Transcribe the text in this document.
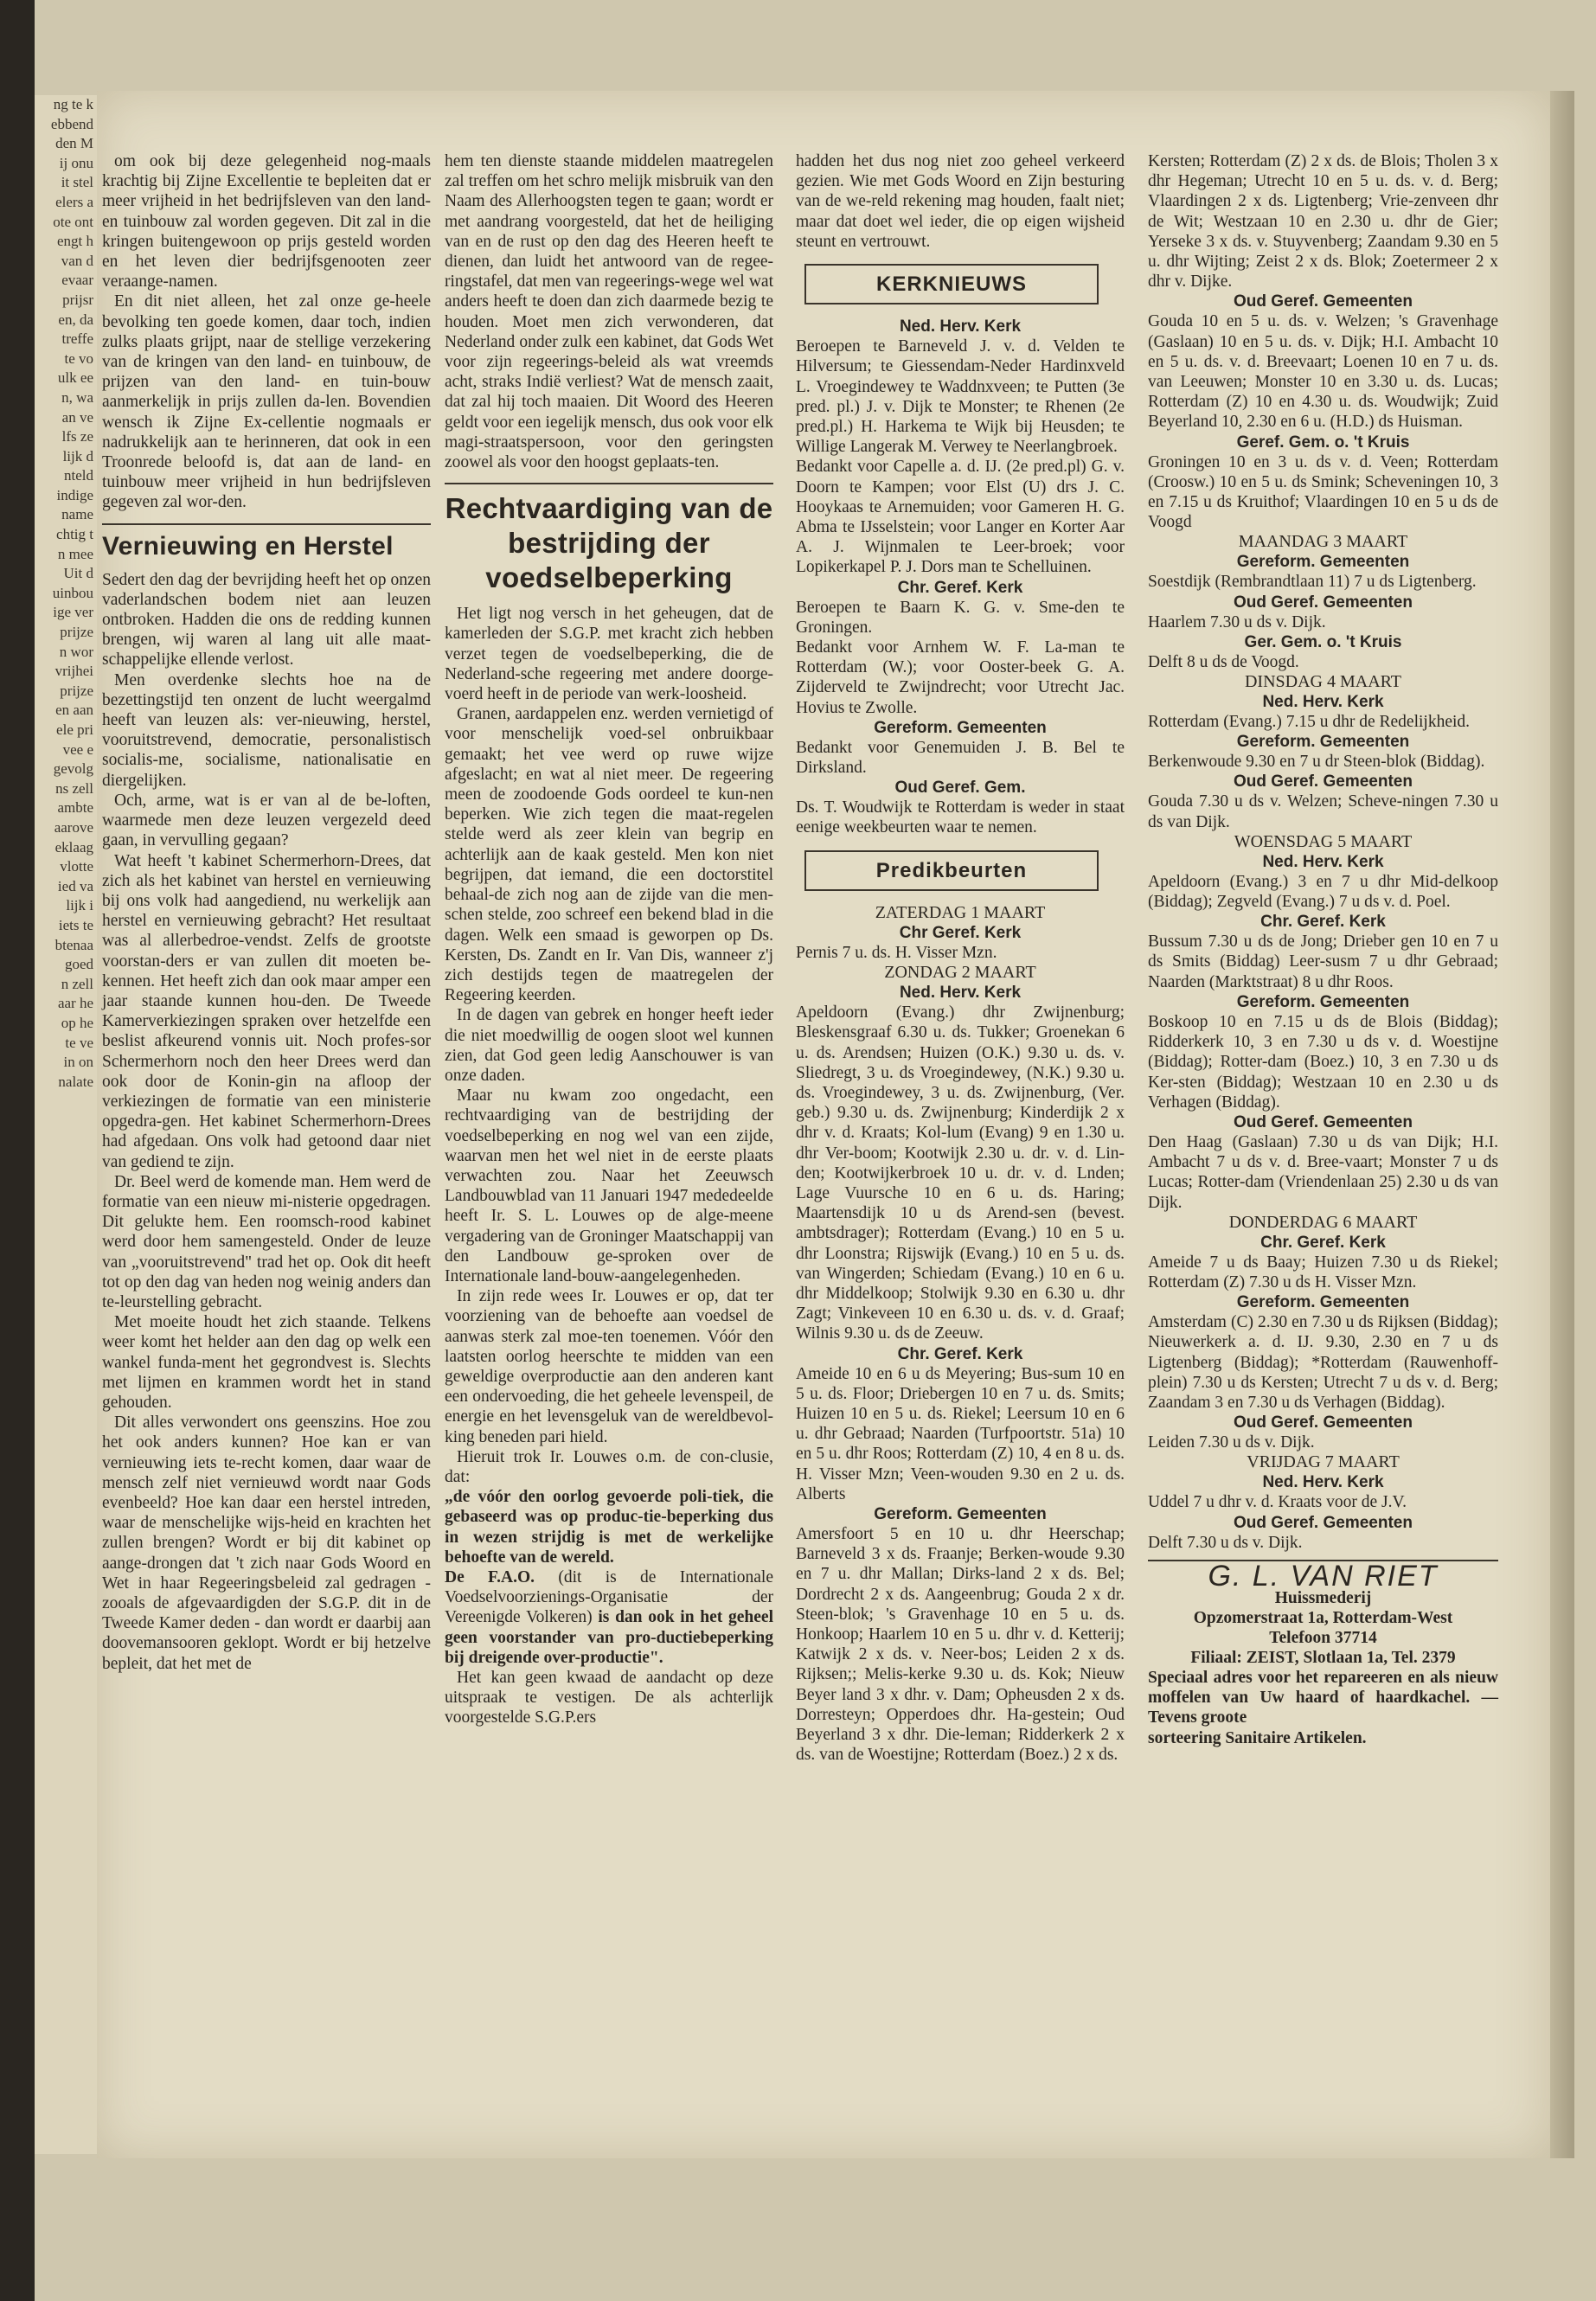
ng te k

ebbend

den M

ij onu

it stel

elers a

ote ont

engt h

van d

evaar

prijsr

en, da

treffe

te vo

ulk ee

n, wa

an ve

lfs ze

lijk d

nteld

indige

name

chtig t

n mee

Uit d

uinbou

ige ver

prijze

n wor

vrijhei

prijze

en aan

ele pri

vee e

gevolg

ns zell

ambte

aarove

eklaag

vlotte

ied va

lijk i

iets te

btenaa

goed

n zell

aar he

op he

te ve

in on

nalate

om ook bij deze gelegenheid nog-maals krachtig bij Zijne Excellentie te bepleiten dat er meer vrijheid in het bedrijfsleven van den land- en tuinbouw zal worden gegeven. Dit zal in die kringen buitengewoon op prijs gesteld worden en het leven dier bedrijfsgenooten zeer veraange-namen.

En dit niet alleen, het zal onze ge-heele bevolking ten goede komen, daar toch, indien zulks plaats grijpt, naar de stellige verzekering van de kringen van den land- en tuinbouw, de prijzen van den land- en tuin-bouw aanmerkelijk in prijs zullen da-len. Bovendien wensch ik Zijne Ex-cellentie nogmaals er nadrukkelijk aan te herinneren, dat ook in een Troonrede beloofd is, dat aan de land- en tuinbouw meer vrijheid in hun bedrijfsleven gegeven zal wor-den.

Vernieuwing en Herstel

Sedert den dag der bevrijding heeft het op onzen vaderlandschen bodem niet aan leuzen ontbroken. Hadden die ons de redding kunnen brengen, wij waren al lang uit alle maat-schappelijke ellende verlost.

Men overdenke slechts hoe na de bezettingstijd ten onzent de lucht weergalmd heeft van leuzen als: ver-nieuwing, herstel, vooruitstrevend, democratie, personalistisch socialis-me, socialisme, nationalisatie en diergelijken.

Och, arme, wat is er van al de be-loften, waarmede men deze leuzen vergezeld deed gaan, in vervulling gegaan?

Wat heeft 't kabinet Schermerhorn-Drees, dat zich als het kabinet van herstel en vernieuwing bij ons volk had aangediend, nu werkelijk aan herstel en vernieuwing gebracht? Het resultaat was al allerbedroe-vendst. Zelfs de grootste voorstan-ders er van zullen dit moeten be-kennen. Het heeft zich dan ook maar amper een jaar staande kunnen hou-den. De Tweede Kamerverkiezingen spraken over hetzelfde een beslist afkeurend vonnis uit. Noch profes-sor Schermerhorn noch den heer Drees werd dan ook door de Konin-gin na afloop der verkiezingen de formatie van een ministerie opgedra-gen. Het kabinet Schermerhorn-Drees had afgedaan. Ons volk had getoond daar niet van gediend te zijn.

Dr. Beel werd de komende man. Hem werd de formatie van een nieuw mi-nisterie opgedragen. Dit gelukte hem. Een roomsch-rood kabinet werd door hem samengesteld. Onder de leuze van „vooruitstrevend" trad het op. Ook dit heeft tot op den dag van heden nog weinig anders dan te-leurstelling gebracht.

Met moeite houdt het zich staande. Telkens weer komt het helder aan den dag op welk een wankel funda-ment het gegrondvest is. Slechts met lijmen en krammen wordt het in stand gehouden.

Dit alles verwondert ons geenszins. Hoe zou het ook anders kunnen? Hoe kan er van vernieuwing iets te-recht komen, daar waar de mensch zelf niet vernieuwd wordt naar Gods evenbeeld? Hoe kan daar een herstel intreden, waar de menschelijke wijs-heid en krachten het zullen brengen? Wordt er bij dit kabinet op aange-drongen dat 't zich naar Gods Woord en Wet in haar Regeeringsbeleid zal gedragen - zooals de afgevaardigden der S.G.P. dit in de Tweede Kamer deden - dan wordt er daarbij aan doovemansooren geklopt. Wordt er bij hetzelve bepleit, dat het met de

hem ten dienste staande middelen maatregelen zal treffen om het schro melijk misbruik van den Naam des Allerhoogsten tegen te gaan; wordt er met aandrang voorgesteld, dat het de heiliging van en de rust op den dag des Heeren heeft te dienen, dan luidt het antwoord van de regee-ringstafel, dat men van regeerings-wege wel wat anders heeft te doen dan zich daarmede bezig te houden. Moet men zich verwonderen, dat Nederland onder zulk een kabinet, dat Gods Wet voor zijn regeerings-beleid als wat vreemds acht, straks Indië verliest? Wat de mensch zaait, dat zal hij toch maaien. Dit Woord des Heeren geldt voor een iegelijk mensch, dus ook voor elk magi-straatspersoon, voor den geringsten zoowel als voor den hoogst geplaats-ten.

Rechtvaardiging van de bestrijding der voedselbeperking

Het ligt nog versch in het geheugen, dat de kamerleden der S.G.P. met kracht zich hebben verzet tegen de voedselbeperking, die de Nederland-sche regeering met andere doorge-voerd heeft in de periode van werk-loosheid.

Granen, aardappelen enz. werden vernietigd of voor menschelijk voed-sel onbruikbaar gemaakt; het vee werd op ruwe wijze afgeslacht; en wat al niet meer. De regeering meen de zoodoende Gods oordeel te kun-nen beperken. Wie zich tegen die maat-regelen stelde werd als zeer klein van begrip en achterlijk aan de kaak gesteld. Men kon niet begrijpen, dat iemand, die een doctorstitel behaal-de zich nog aan de zijde van die men-schen stelde, zoo schreef een bekend blad in die dagen. Welk een smaad is geworpen op Ds. Kersten, Ds. Zandt en Ir. Van Dis, wanneer z'j zich destijds tegen de maatregelen der Regeering keerden.

In de dagen van gebrek en honger heeft ieder die niet moedwillig de oogen sloot wel kunnen zien, dat God geen ledig Aanschouwer is van onze daden.

Maar nu kwam zoo ongedacht, een rechtvaardiging van de bestrijding der voedselbeperking en nog wel van een zijde, waarvan men het wel niet in de eerste plaats verwachten zou. Naar het Zeeuwsch Landbouwblad van 11 Januari 1947 mededeelde heeft Ir. S. L. Louwes op de alge-meene vergadering van de Groninger Maatschappij van den Landbouw ge-sproken over de Internationale land-bouw-aangelegenheden.

In zijn rede wees Ir. Louwes er op, dat ter voorziening van de behoefte aan voedsel de aanwas sterk zal moe-ten toenemen. Vóór den laatsten oorlog heerschte te midden van een geweldige overproductie aan den anderen kant een ondervoeding, die het geheele levenspeil, de energie en het levensgeluk van de wereldbevol-king beneden pari hield.

Hieruit trok Ir. Louwes o.m. de con-clusie, dat:

„de vóór den oorlog gevoerde poli-tiek, die gebaseerd was op produc-tie-beperking dus in wezen strijdig is met de werkelijke behoefte van de wereld.

De F.A.O. (dit is de Internationale Voedselvoorzienings-Organisatie der Vereenigde Volkeren) is dan ook in het geheel geen voorstander van pro-ductiebeperking bij dreigende over-productie".

Het kan geen kwaad de aandacht op deze uitspraak te vestigen. De als achterlijk voorgestelde S.G.P.ers

hadden het dus nog niet zoo geheel verkeerd gezien. Wie met Gods Woord en Zijn besturing van de we-reld rekening mag houden, faalt niet; maar dat doet wel ieder, die op eigen wijsheid steunt en vertrouwt.

KERKNIEUWS
Ned. Herv. Kerk

Beroepen te Barneveld J. v. d. Velden te Hilversum; te Giessendam-Neder Hardinxveld L. Vroegindewey te Waddnxveen; te Putten (3e pred. pl.) J. v. Dijk te Monster; te Rhenen (2e pred.pl.) H. Harkema te Wijk bij Heusden; te Willige Langerak M. Verwey te Neerlangbroek.
Bedankt voor Capelle a. d. IJ. (2e pred.pl) G. v. Doorn te Kampen; voor Elst (U) drs J. C. Hooykaas te Arnemuiden; voor Gameren H. G. Abma te IJsselstein; voor Langer en Korter Aar A. J. Wijnmalen te Leer-broek; voor Lopikerkapel P. J. Dors man te Schelluinen.

Chr. Geref. Kerk

Beroepen te Baarn K. G. v. Sme-den te Groningen.
Bedankt voor Arnhem W. F. La-man te Rotterdam (W.); voor Ooster-beek G. A. Zijderveld te Zwijndrecht; voor Utrecht Jac. Hovius te Zwolle.

Gereform. Gemeenten

Bedankt voor Genemuiden J. B. Bel te Dirksland.

Oud Geref. Gem.

Ds. T. Woudwijk te Rotterdam is weder in staat eenige weekbeurten waar te nemen.

Predikbeurten
ZATERDAG 1 MAART
Chr Geref. Kerk

Pernis 7 u. ds. H. Visser Mzn.

ZONDAG 2 MAART
Ned. Herv. Kerk

Apeldoorn (Evang.) dhr Zwijnenburg; Bleskensgraaf 6.30 u. ds. Tukker; Groenekan 6 u. ds. Arendsen; Huizen (O.K.) 9.30 u. ds. v. Sliedregt, 3 u. ds Vroegindewey, (N.K.) 9.30 u. ds. Vroegindewey, 3 u. ds. Zwijnenburg, (Ver. geb.) 9.30 u. ds. Zwijnenburg; Kinderdijk 2 x dhr v. d. Kraats; Kol-lum (Evang) 9 en 1.30 u. dhr Ver-boom; Kootwijk 2.30 u. dr. v. d. Lin-den; Kootwijkerbroek 10 u. dr. v. d. Lnden; Lage Vuursche 10 en 6 u. ds. Haring; Maartensdijk 10 u ds Arend-sen (bevest. ambtsdrager); Rotterdam (Evang.) 10 en 5 u. dhr Loonstra; Rijswijk (Evang.) 10 en 5 u. ds. van Wingerden; Schiedam (Evang.) 10 en 6 u. dhr Middelkoop; Stolwijk 9.30 en 6.30 u. dhr Zagt; Vinkeveen 10 en 6.30 u. ds. v. d. Graaf; Wilnis 9.30 u. ds de Zeeuw.

Chr. Geref. Kerk

Ameide 10 en 6 u ds Meyering; Bus-sum 10 en 5 u. ds. Floor; Driebergen 10 en 7 u. ds. Smits; Huizen 10 en 5 u. ds. Riekel; Leersum 10 en 6 u. dhr Gebraad; Naarden (Turfpoortstr. 51a) 10 en 5 u. dhr Roos; Rotterdam (Z) 10, 4 en 8 u. ds. H. Visser Mzn; Veen-wouden 9.30 en 2 u. ds. Alberts

Gereform. Gemeenten

Amersfoort 5 en 10 u. dhr Heerschap; Barneveld 3 x ds. Fraanje; Berken-woude 9.30 en 7 u. dhr Mallan; Dirks-land 2 x ds. Bel; Dordrecht 2 x ds. Aangeenbrug; Gouda 2 x dr. Steen-blok; 's Gravenhage 10 en 5 u. ds. Honkoop; Haarlem 10 en 5 u. dhr v. d. Ketterij; Katwijk 2 x ds. v. Neer-bos; Leiden 2 x ds. Rijksen;; Melis-kerke 9.30 u. ds. Kok; Nieuw Beyer land 3 x dhr. v. Dam; Opheusden 2 x ds. Dorresteyn; Opperdoes dhr. Ha-gestein; Oud Beyerland 3 x dhr. Die-leman; Ridderkerk 2 x ds. van de Woestijne; Rotterdam (Boez.) 2 x ds.

Kersten; Rotterdam (Z) 2 x ds. de Blois; Tholen 3 x dhr Hegeman; Utrecht 10 en 5 u. ds. v. d. Berg; Vlaardingen 2 x ds. Ligtenberg; Vrie-zenveen dhr de Wit; Westzaan 10 en 2.30 u. dhr de Gier; Yerseke 3 x ds. v. Stuyvenberg; Zaandam 9.30 en 5 u. dhr Wijting; Zeist 2 x ds. Blok; Zoetermeer 2 x dhr v. Dijke.

Oud Geref. Gemeenten

Gouda 10 en 5 u. ds. v. Welzen; 's Gravenhage (Gaslaan) 10 en 5 u. ds. v. Dijk; H.I. Ambacht 10 en 5 u. ds. v. d. Breevaart; Loenen 10 en 7 u. ds. van Leeuwen; Monster 10 en 3.30 u. ds. Lucas; Rotterdam (Z) 10 en 4.30 u. ds. Woudwijk; Zuid Beyerland 10, 2.30 en 6 u. (H.D.) ds Huisman.

Geref. Gem. o. 't Kruis

Groningen 10 en 3 u. ds v. d. Veen; Rotterdam (Croosw.) 10 en 5 u. ds Smink; Scheveningen 10, 3 en 7.15 u ds Kruithof; Vlaardingen 10 en 5 u ds de Voogd

MAANDAG 3 MAART
Gereform. Gemeenten

Soestdijk (Rembrandtlaan 11) 7 u ds Ligtenberg.

Oud Geref. Gemeenten

Haarlem 7.30 u ds v. Dijk.

Ger. Gem. o. 't Kruis

Delft 8 u ds de Voogd.

DINSDAG 4 MAART
Ned. Herv. Kerk

Rotterdam (Evang.) 7.15 u dhr de Redelijkheid.

Gereform. Gemeenten

Berkenwoude 9.30 en 7 u dr Steen-blok (Biddag).

Oud Geref. Gemeenten

Gouda 7.30 u ds v. Welzen; Scheve-ningen 7.30 u ds van Dijk.

WOENSDAG 5 MAART
Ned. Herv. Kerk

Apeldoorn (Evang.) 3 en 7 u dhr Mid-delkoop (Biddag); Zegveld (Evang.) 7 u ds v. d. Poel.

Chr. Geref. Kerk

Bussum 7.30 u ds de Jong; Drieber gen 10 en 7 u ds Smits (Biddag) Leer-susm 7 u dhr Gebraad; Naarden (Marktstraat) 8 u dhr Roos.

Gereform. Gemeenten

Boskoop 10 en 7.15 u ds de Blois (Biddag); Ridderkerk 10, 3 en 7.30 u ds v. d. Woestijne (Biddag); Rotter-dam (Boez.) 10, 3 en 7.30 u ds Ker-sten (Biddag); Westzaan 10 en 2.30 u ds Verhagen (Biddag).

Oud Geref. Gemeenten

Den Haag (Gaslaan) 7.30 u ds van Dijk; H.I. Ambacht 7 u ds v. d. Bree-vaart; Monster 7 u ds Lucas; Rotter-dam (Vriendenlaan 25) 2.30 u ds van Dijk.

DONDERDAG 6 MAART
Chr. Geref. Kerk

Ameide 7 u ds Baay; Huizen 7.30 u ds Riekel; Rotterdam (Z) 7.30 u ds H. Visser Mzn.

Gereform. Gemeenten

Amsterdam (C) 2.30 en 7.30 u ds Rijksen (Biddag); Nieuwerkerk a. d. IJ. 9.30, 2.30 en 7 u ds Ligtenberg (Biddag); *Rotterdam (Rauwenhoff-plein) 7.30 u ds Kersten; Utrecht 7 u ds v. d. Berg; Zaandam 3 en 7.30 u ds Verhagen (Biddag).

Oud Geref. Gemeenten

Leiden 7.30 u ds v. Dijk.

VRIJDAG 7 MAART
Ned. Herv. Kerk

Uddel 7 u dhr v. d. Kraats voor de J.V.

Oud Geref. Gemeenten

Delft 7.30 u ds v. Dijk.

G. L. VAN RIET
Huissmederij
Opzomerstraat 1a, Rotterdam-West
Telefoon 37714
Filiaal: ZEIST, Slotlaan 1a, Tel. 2379

Speciaal adres voor het repareeren en als nieuw moffelen van Uw haard of haardkachel. — Tevens groote

sorteering Sanitaire Artikelen.
